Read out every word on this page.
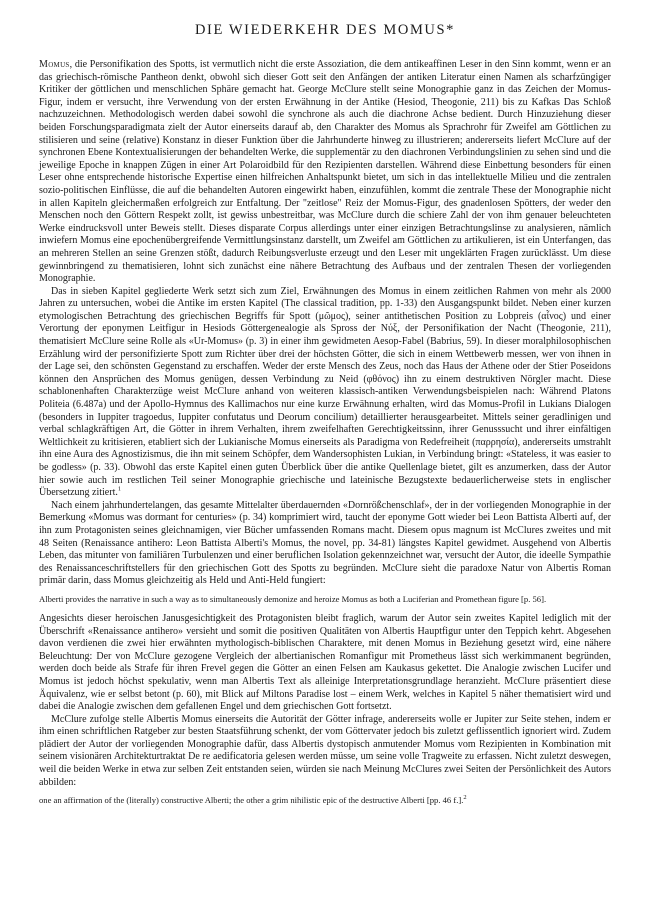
DIE WIEDERKEHR DES MOMUS*

Momus, die Personifikation des Spotts, ist vermutlich nicht die erste Assoziation, die dem antikeaffinen Leser in den Sinn kommt, wenn er an das griechisch-römische Pantheon denkt, obwohl sich dieser Gott seit den Anfängen der antiken Literatur einen Namen als scharfzüngiger Kritiker der göttlichen und menschlichen Sphäre gemacht hat. George McClure stellt seine Monographie ganz in das Zeichen der Momus-Figur, indem er versucht, ihre Verwendung von der ersten Erwähnung in der Antike (Hesiod, Theogonie, 211) bis zu Kafkas Das Schloß nachzuzeichnen. Methodologisch werden dabei sowohl die synchrone als auch die diachrone Achse bedient. Durch Hinzuziehung dieser beiden Forschungsparadigmata zielt der Autor einerseits darauf ab, den Charakter des Momus als Sprachrohr für Zweifel am Göttlichen zu stilisieren und seine (relative) Konstanz in dieser Funktion über die Jahrhunderte hinweg zu illustrieren; andererseits liefert McClure auf der synchronen Ebene Kontextualisierungen der behandelten Werke, die supplementär zu den diachronen Verbindungslinien zu sehen sind und die jeweilige Epoche in knappen Zügen in einer Art Polaroidbild für den Rezipienten darstellen. Während diese Einbettung besonders für einen Leser ohne entsprechende historische Expertise einen hilfreichen Anhaltspunkt bietet, um sich in das intellektuelle Milieu und die zentralen sozio-politischen Einflüsse, die auf die behandelten Autoren eingewirkt haben, einzufühlen, kommt die zentrale These der Monographie nicht in allen Kapiteln gleichermaßen erfolgreich zur Entfaltung. Der "zeitlose" Reiz der Momus-Figur, des gnadenlosen Spötters, der weder den Menschen noch den Göttern Respekt zollt, ist gewiss unbestreitbar, was McClure durch die schiere Zahl der von ihm genauer beleuchteten Werke eindrucksvoll unter Beweis stellt. Dieses disparate Corpus allerdings unter einer einzigen Betrachtungslinse zu analysieren, nämlich inwiefern Momus eine epochenübergreifende Vermittlungsinstanz darstellt, um Zweifel am Göttlichen zu artikulieren, ist ein Unterfangen, das an mehreren Stellen an seine Grenzen stößt, dadurch Reibungsverluste erzeugt und den Leser mit ungeklärten Fragen zurücklässt. Um diese gewinnbringend zu thematisieren, lohnt sich zunächst eine nähere Betrachtung des Aufbaus und der zentralen Thesen der vorliegenden Monographie.

Das in sieben Kapitel gegliederte Werk setzt sich zum Ziel, Erwähnungen des Momus in einem zeitlichen Rahmen von mehr als 2000 Jahren zu untersuchen, wobei die Antike im ersten Kapitel (The classical tradition, pp. 1-33) den Ausgangspunkt bildet. Neben einer kurzen etymologischen Betrachtung des griechischen Begriffs für Spott (μῶμος), seiner antithetischen Position zu Lobpreis (αἶνος) und einer Verortung der eponymen Leitfigur in Hesiods Göttergenealogie als Spross der Νύξ, der Personifikation der Nacht (Theogonie, 211), thematisiert McClure seine Rolle als «Ur-Momus» (p. 3) in einer ihm gewidmeten Aesop-Fabel (Babrius, 59). In dieser moralphilosophischen Erzählung wird der personifizierte Spott zum Richter über drei der höchsten Götter, die sich in einem Wettbewerb messen, wer von ihnen in der Lage sei, den schönsten Gegenstand zu erschaffen. Weder der erste Mensch des Zeus, noch das Haus der Athene oder der Stier Poseidons können den Ansprüchen des Momus genügen, dessen Verbindung zu Neid (φθόνος) ihn zu einem destruktiven Nörgler macht. Diese schablonenhaften Charakterzüge weist McClure anhand von weiteren klassisch-antiken Verwendungsbeispielen nach: Während Platons Politeia (6.487a) und der Apollo-Hymnus des Kallimachos nur eine kurze Erwähnung erhalten, wird das Momus-Profil in Lukians Dialogen (besonders in Iuppiter tragoedus, Iuppiter confutatus und Deorum concilium) detaillierter herausgearbeitet. Mittels seiner geradlinigen und verbal schlagkräftigen Art, die Götter in ihrem Verhalten, ihrem zweifelhaften Gerechtigkeitssinn, ihrer Genusssucht und ihrer einfältigen Weltlichkeit zu kritisieren, etabliert sich der Lukianische Momus einerseits als Paradigma von Redefreiheit (παρρησία), andererseits umstrahlt ihn eine Aura des Agnostizismus, die ihn mit seinem Schöpfer, dem Wandersophisten Lukian, in Verbindung bringt: «Stateless, it was easier to be godless» (p. 33). Obwohl das erste Kapitel einen guten Überblick über die antike Quellenlage bietet, gilt es anzumerken, dass der Autor hier sowie auch im restlichen Teil seiner Monographie griechische und lateinische Bezugstexte bedauerlicherweise stets in englischer Übersetzung zitiert.$^1$

Nach einem jahrhundertelangen, das gesamte Mittelalter überdauernden «Dornrößchenschlaf», der in der vorliegenden Monographie in der Bemerkung «Momus was dormant for centuries» (p. 34) komprimiert wird, taucht der eponyme Gott wieder bei Leon Battista Alberti auf, der ihn zum Protagonisten seines gleichnamigen, vier Bücher umfassenden Romans macht. Diesem opus magnum ist McClures zweites und mit 48 Seiten (Renaissance antihero: Leon Battista Alberti's Momus, the novel, pp. 34-81) längstes Kapitel gewidmet. Ausgehend von Albertis Leben, das mitunter von familiären Turbulenzen und einer beruflichen Isolation gekennzeichnet war, versucht der Autor, die ideelle Sympathie des Renaissanceschriftstellers für den griechischen Gott des Spotts zu begründen. McClure sieht die paradoxe Natur von Albertis Roman primär darin, dass Momus gleichzeitig als Held und Anti-Held fungiert:

Alberti provides the narrative in such a way as to simultaneously demonize and heroize Momus as both a Luciferian and Promethean figure [p. 56].

Angesichts dieser heroischen Janusgesichtigkeit des Protagonisten bleibt fraglich, warum der Autor sein zweites Kapitel lediglich mit der Überschrift «Renaissance antihero» versieht und somit die positiven Qualitäten von Albertis Hauptfigur unter den Teppich kehrt. Abgesehen davon verdienen die zwei hier erwähnten mythologisch-biblischen Charaktere, mit denen Momus in Beziehung gesetzt wird, eine nähere Beleuchtung: Der von McClure gezogene Vergleich der albertianischen Romanfigur mit Prometheus lässt sich werkimmanent begründen, werden doch beide als Strafe für ihren Frevel gegen die Götter an einen Felsen am Kaukasus gekettet. Die Analogie zwischen Lucifer und Momus ist jedoch höchst spekulativ, wenn man Albertis Text als alleinige Interpretationsgrundlage heranzieht. McClure präsentiert diese Äquivalenz, wie er selbst betont (p. 60), mit Blick auf Miltons Paradise lost – einem Werk, welches in Kapitel 5 näher thematisiert wird und dabei die Analogie zwischen dem gefallenen Engel und dem griechischen Gott fortsetzt.

McClure zufolge stelle Albertis Momus einerseits die Autorität der Götter infrage, andererseits wolle er Jupiter zur Seite stehen, indem er ihm einen schriftlichen Ratgeber zur besten Staatsführung schenkt, der vom Göttervater jedoch bis zuletzt geflissentlich ignoriert wird. Zudem plädiert der Autor der vorliegenden Monographie dafür, dass Albertis dystopisch anmutender Momus vom Rezipienten in Kombination mit seinem visionären Architekturtraktat De re aedificatoria gelesen werden müsse, um seine volle Tragweite zu erfassen. Nicht zuletzt deswegen, weil die beiden Werke in etwa zur selben Zeit entstanden seien, würden sie nach Meinung McClures zwei Seiten der Persönlichkeit des Autors abbilden:

one an affirmation of the (literally) constructive Alberti; the other a grim nihilistic epic of the destructive Alberti [pp. 46 f.].$^2$
